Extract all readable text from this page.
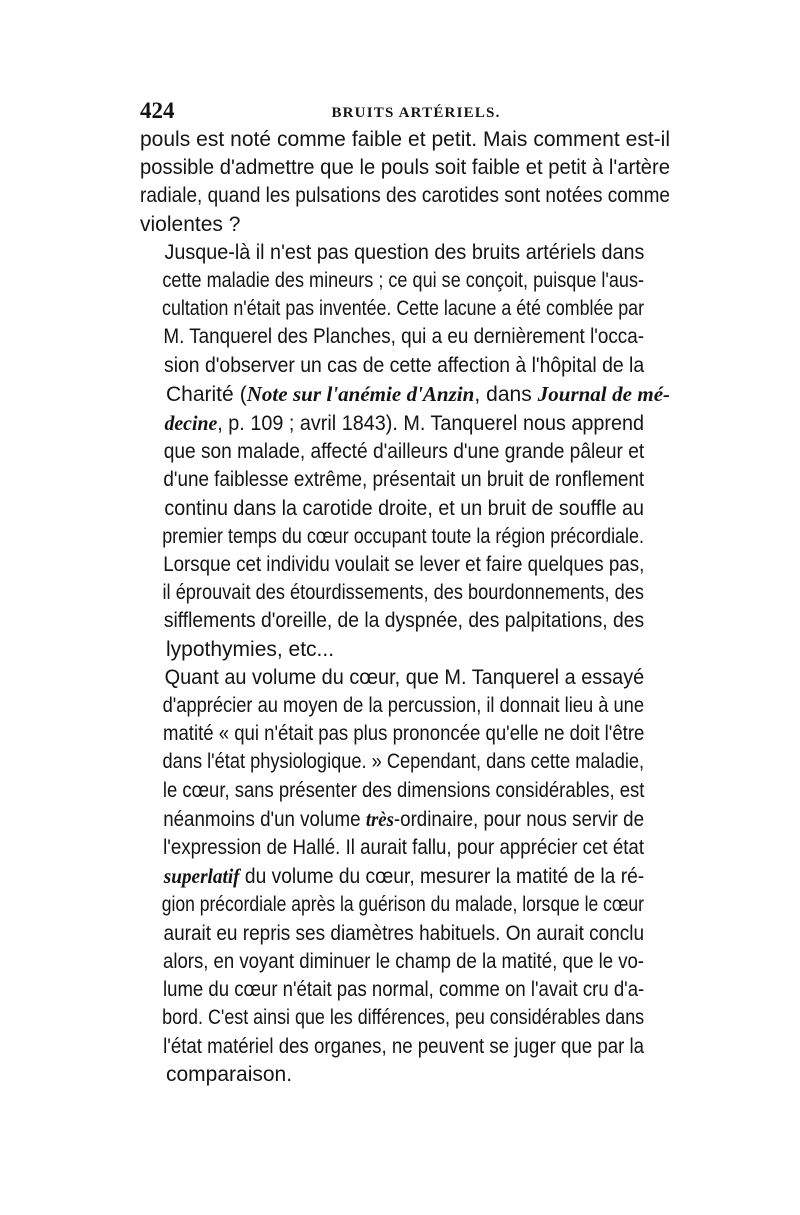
424	BRUITS ARTÉRIELS.

pouls est noté comme faible et petit. Mais comment est-il
possible d'admettre que le pouls soit faible et petit à l'artère
radiale, quand les pulsations des carotides sont notées comme
violentes ?

Jusque-là il n'est pas question des bruits artériels dans
cette maladie des mineurs ; ce qui se conçoit, puisque l'aus-
cultation n'était pas inventée. Cette lacune a été comblée par
M. Tanquerel des Planches, qui a eu dernièrement l'occa-
sion d'observer un cas de cette affection à l'hôpital de la
Charité (Note sur l'anémie d'Anzin, dans Journal de mé-
decine, p. 109 ; avril 1843). M. Tanquerel nous apprend
que son malade, affecté d'ailleurs d'une grande pâleur et
d'une faiblesse extrême, présentait un bruit de ronflement
continu dans la carotide droite, et un bruit de souffle au
premier temps du cœur occupant toute la région précordiale.
Lorsque cet individu voulait se lever et faire quelques pas,
il éprouvait des étourdissements, des bourdonnements, des
sifflements d'oreille, de la dyspnée, des palpitations, des
lypothymies, etc...

Quant au volume du cœur, que M. Tanquerel a essayé
d'apprécier au moyen de la percussion, il donnait lieu à une
matité « qui n'était pas plus prononcée qu'elle ne doit l'être
dans l'état physiologique. » Cependant, dans cette maladie,
le cœur, sans présenter des dimensions considérables, est
néanmoins d'un volume très-ordinaire, pour nous servir de
l'expression de Hallé. Il aurait fallu, pour apprécier cet état
superlatif du volume du cœur, mesurer la matité de la ré-
gion précordiale après la guérison du malade, lorsque le cœur
aurait eu repris ses diamètres habituels. On aurait conclu
alors, en voyant diminuer le champ de la matité, que le vo-
lume du cœur n'était pas normal, comme on l'avait cru d'a-
bord. C'est ainsi que les différences, peu considérables dans
l'état matériel des organes, ne peuvent se juger que par la
comparaison.
